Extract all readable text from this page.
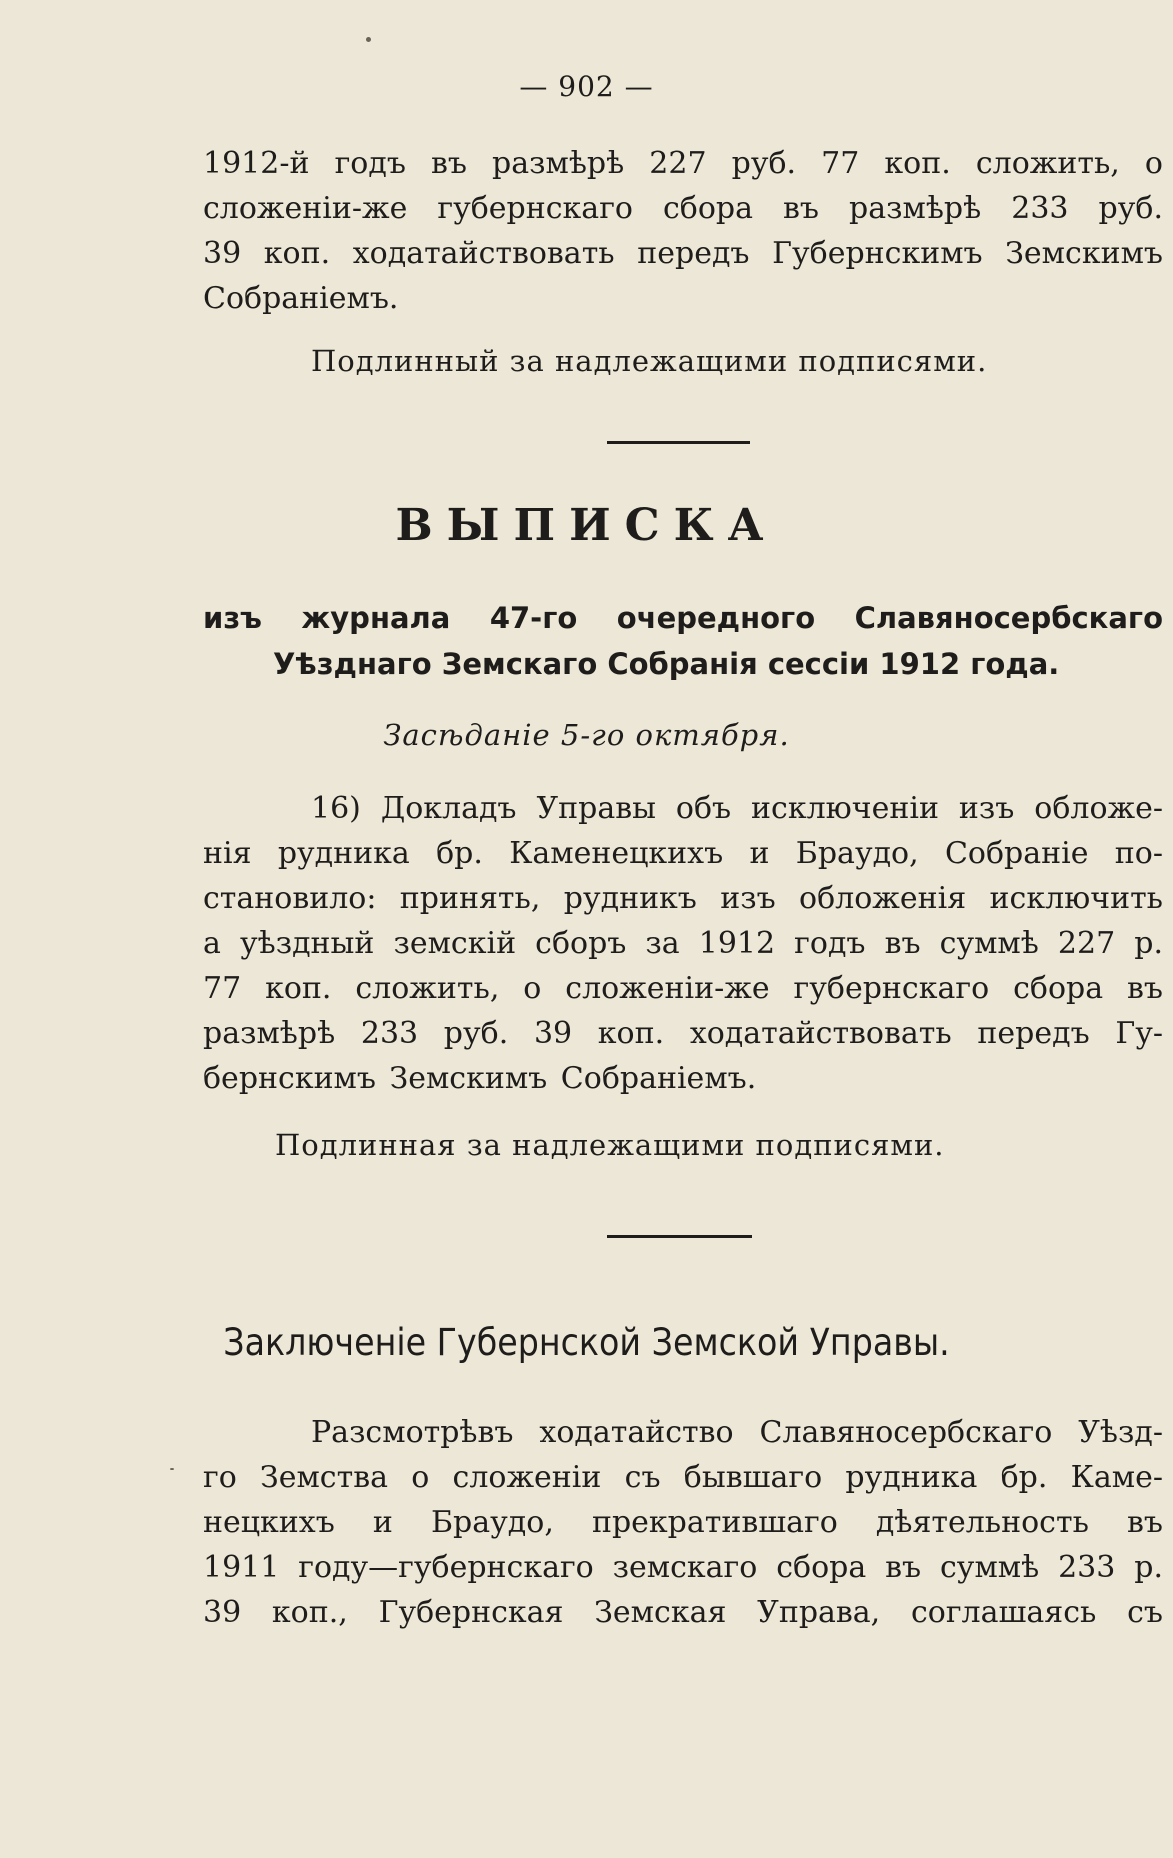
— 902 —
1912-й годъ въ размѣрѣ 227 руб. 77 коп. сложить, о
сложеніи-же губернскаго сбора въ размѣрѣ 233 руб.
39 коп. ходатайствовать передъ Губернскимъ Земскимъ
Собраніемъ.
Подлинный за надлежащими подписями.
ВЫПИСКА
изъ журнала 47-го очередного Славяносербскаго
Уѣзднаго Земскаго Собранія сессіи 1912 года.
Засѣданіе 5-го октября.
16) Докладъ Управы объ исключеніи изъ обложе-
нія рудника бр. Каменецкихъ и Браудо, Собраніе по-
становило: принять, рудникъ изъ обложенія исключить
а уѣздный земскій сборъ за 1912 годъ въ суммѣ 227 р.
77 коп. сложить, о сложеніи-же губернскаго сбора въ
размѣрѣ 233 руб. 39 коп. ходатайствовать передъ Гу-
бернскимъ Земскимъ Собраніемъ.
Подлинная за надлежащими подписями.
Заключеніе Губернской Земской Управы.
Разсмотрѣвъ ходатайство Славяносербскаго Уѣзд-
го Земства о сложеніи съ бывшаго рудника бр. Каме-
нецкихъ и Браудо, прекратившаго дѣятельность въ
1911 году—губернскаго земскаго сбора въ суммѣ 233 р.
39 коп., Губернская Земская Управа, соглашаясь съ
